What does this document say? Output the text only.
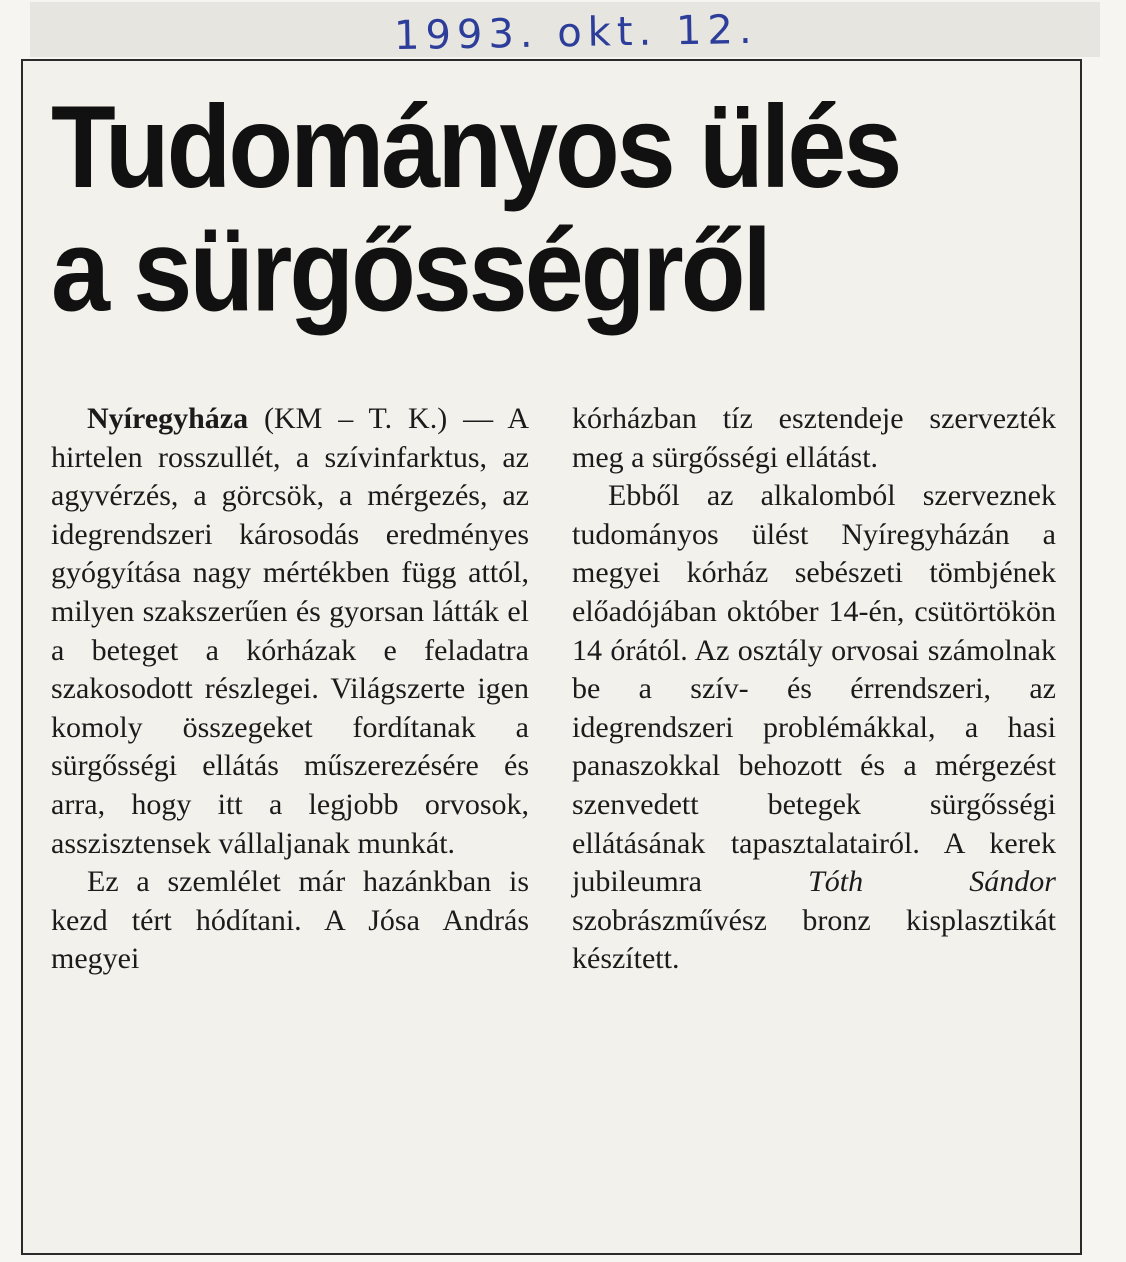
1993. okt. 12.
Tudományos ülés
a sürgősségről

Nyíregyháza (KM – T. K.) — A hirtelen rosszullét, a szívinfarktus, az agyvérzés, a görcsök, a mérgezés, az idegrendszeri károsodás eredményes gyógyítása nagy mértékben függ attól, milyen szakszerűen és gyorsan látták el a beteget a kórházak e feladatra szakosodott részlegei. Világszerte igen komoly összegeket fordítanak a sürgősségi ellátás műszerezésére és arra, hogy itt a legjobb orvosok, asszisztensek vállaljanak munkát.

Ez a szemlélet már hazánkban is kezd tért hódítani. A Jósa András megyei

kórházban tíz esztendeje szervezték meg a sürgősségi ellátást.

Ebből az alkalomból szerveznek tudományos ülést Nyíregyházán a megyei kórház sebészeti tömbjének előadójában október 14-én, csütörtökön 14 órától. Az osztály orvosai számolnak be a szív- és érrendszeri, az idegrendszeri problémákkal, a hasi panaszokkal behozott és a mérgezést szenvedett betegek sürgősségi ellátásának tapasztalatairól. A kerek jubileumra Tóth Sándor szobrászművész bronz kisplasztikát készített.
